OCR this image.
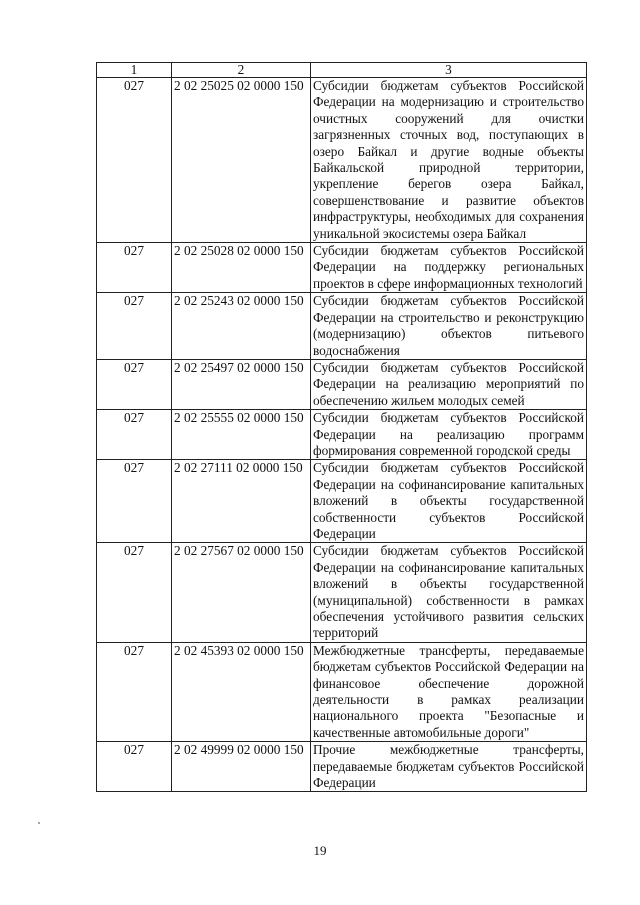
1	2	3
027	2 02 25025 02 0000 150	Субсидии бюджетам субъектов Российской Федерации на модернизацию и строительство очистных сооружений для очистки загрязненных сточных вод, поступающих в озеро Байкал и другие водные объекты Байкальской природной территории, укрепление берегов озера Байкал, совершенствование и развитие объектов инфраструктуры, необходимых для сохранения уникальной экосистемы озера Байкал
027	2 02 25028 02 0000 150	Субсидии бюджетам субъектов Российской Федерации на поддержку региональных проектов в сфере информационных технологий
027	2 02 25243 02 0000 150	Субсидии бюджетам субъектов Российской Федерации на строительство и реконструкцию (модернизацию) объектов питьевого водоснабжения
027	2 02 25497 02 0000 150	Субсидии бюджетам субъектов Российской Федерации на реализацию мероприятий по обеспечению жильем молодых семей
027	2 02 25555 02 0000 150	Субсидии бюджетам субъектов Российской Федерации на реализацию программ формирования современной городской среды
027	2 02 27111 02 0000 150	Субсидии бюджетам субъектов Российской Федерации на софинансирование капитальных вложений в объекты государственной собственности субъектов Российской Федерации
027	2 02 27567 02 0000 150	Субсидии бюджетам субъектов Российской Федерации на софинансирование капитальных вложений в объекты государственной (муниципальной) собственности в рамках обеспечения устойчивого развития сельских территорий
027	2 02 45393 02 0000 150	Межбюджетные трансферты, передаваемые бюджетам субъектов Российской Федерации на финансовое обеспечение дорожной деятельности в рамках реализации национального проекта "Безопасные и качественные автомобильные дороги"
027	2 02 49999 02 0000 150	Прочие межбюджетные трансферты, передаваемые бюджетам субъектов Российской Федерации
19
